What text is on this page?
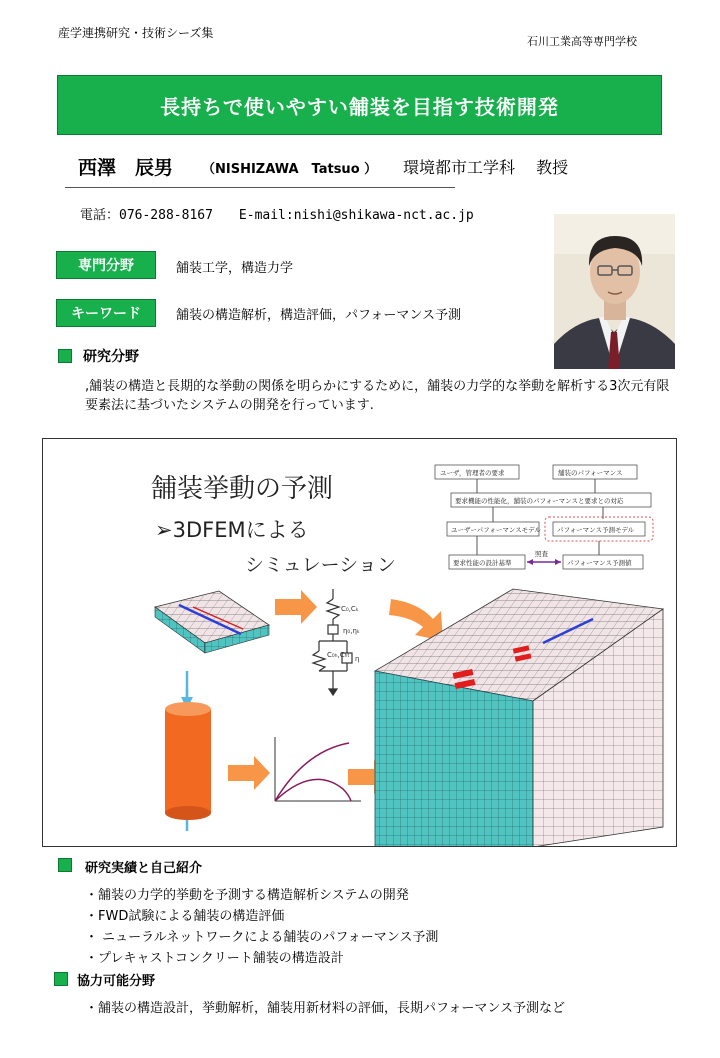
産学連携研究・技術シーズ集
石川工業高等専門学校
長持ちで使いやすい舗装を目指す技術開発
西澤　辰男 （NISHIZAWA　Tatsuo ） 環境都市工学科　 教授
電話：076-288-8167　　E-mail:nishi@shikawa-nct.ac.jp
専門分野	舗装工学，構造力学
キーワード	舗装の構造解析，構造評価，パフォーマンス予測
研究分野
,舗装の構造と長期的な挙動の関係を明らかにするために，舗装の力学的な挙動を解析する3次元有限要素法に基づいたシステムの開発を行っています.
舗装挙動の予測
➢3DFEMによる
シミュレーション
ユーザ，管理者の要求	舗装のパフォーマンス
要求機能の性能化，舗装のパフォーマンスと要求との対応
ユーザーパフォーマンスモデル パフォーマンス予測モデル
要求性能の設計基準	パフォーマンス予測値
照査
C₀,Cₖ
η₀,ηₖ
C₀ₕ,Cₕₜ η
研究実績と自己紹介
・舗装の力学的挙動を予測する構造解析システムの開発
・FWD試験による舗装の構造評価
・ ニューラルネットワークによる舗装のパフォーマンス予測
・プレキャストコンクリート舗装の構造設計
協力可能分野
・舗装の構造設計，挙動解析，舗装用新材料の評価，長期パフォーマンス予測など
